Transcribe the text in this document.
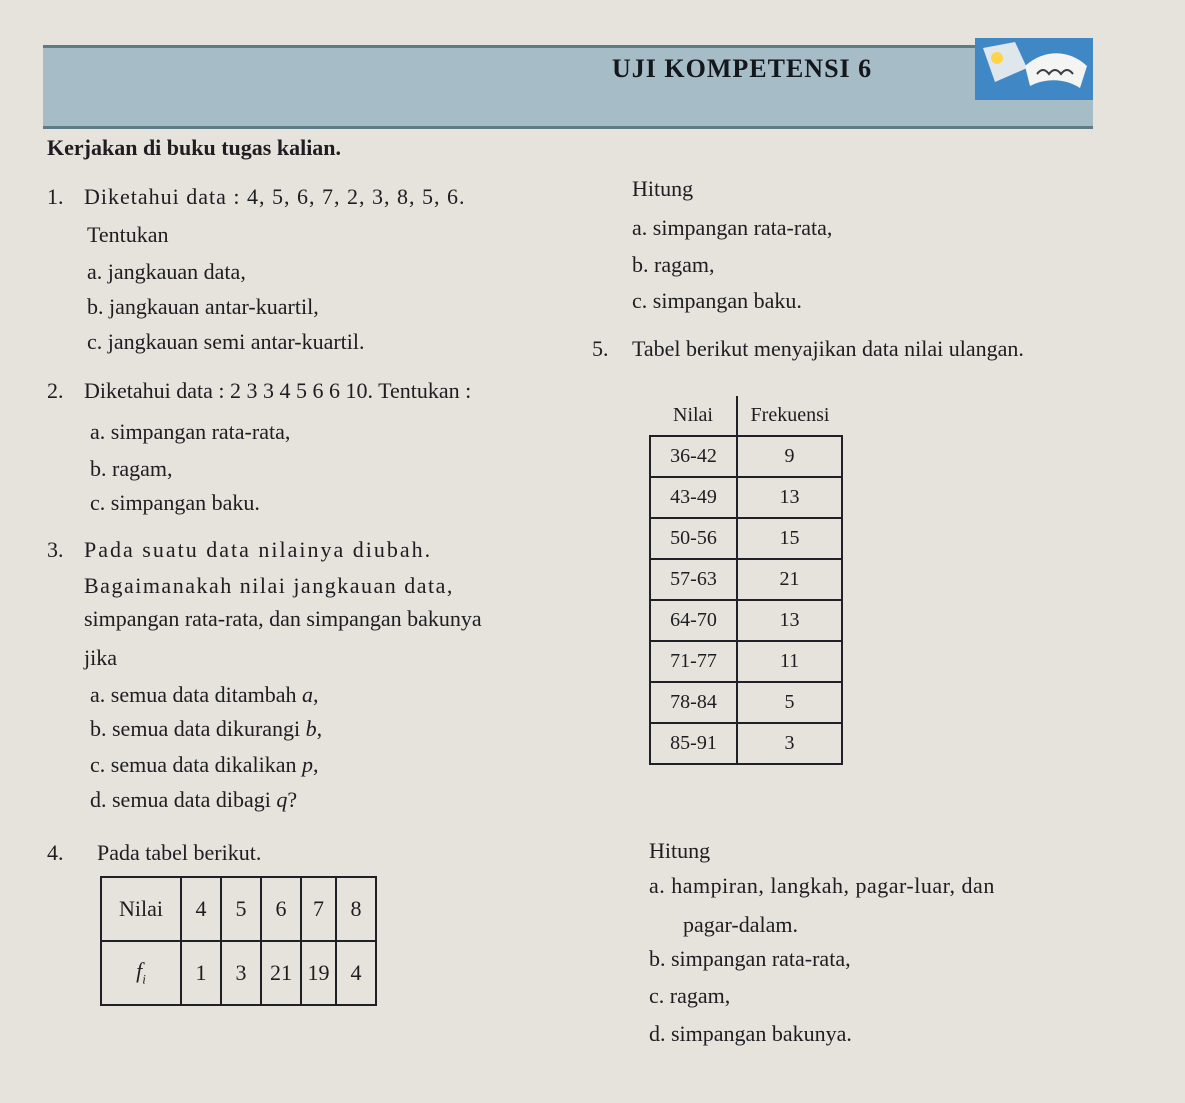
UJI KOMPETENSI 6
Kerjakan di buku tugas kalian.
1. Diketahui data : 4, 5, 6, 7, 2, 3, 8, 5, 6.
Tentukan
a. jangkauan data,
b. jangkauan antar-kuartil,
c. jangkauan semi antar-kuartil.
Hitung
a. simpangan rata-rata,
b. ragam,
c. simpangan baku.
5. Tabel berikut menyajikan data nilai ulangan.
2. Diketahui data : 2 3 3 4 5 6 6 10. Tentukan :
a. simpangan rata-rata,
b. ragam,
c. simpangan baku.
3. Pada suatu data nilainya diubah.
Bagaimanakah nilai jangkauan data,
simpangan rata-rata, dan simpangan bakunya
jika
a. semua data ditambah a,
b. semua data dikurangi b,
c. semua data dikalikan p,
d. semua data dibagi q?
Nilai	Frekuensi
36-42	9
43-49	13
50-56	15
57-63	21
64-70	13
71-77	11
78-84	5
85-91	3
4. Pada tabel berikut.
Nilai	4	5	6	7	8
$f_i$	1	3	21	19	4
Hitung
a. hampiran, langkah, pagar-luar, dan
pagar-dalam.
b. simpangan rata-rata,
c. ragam,
d. simpangan bakunya.
